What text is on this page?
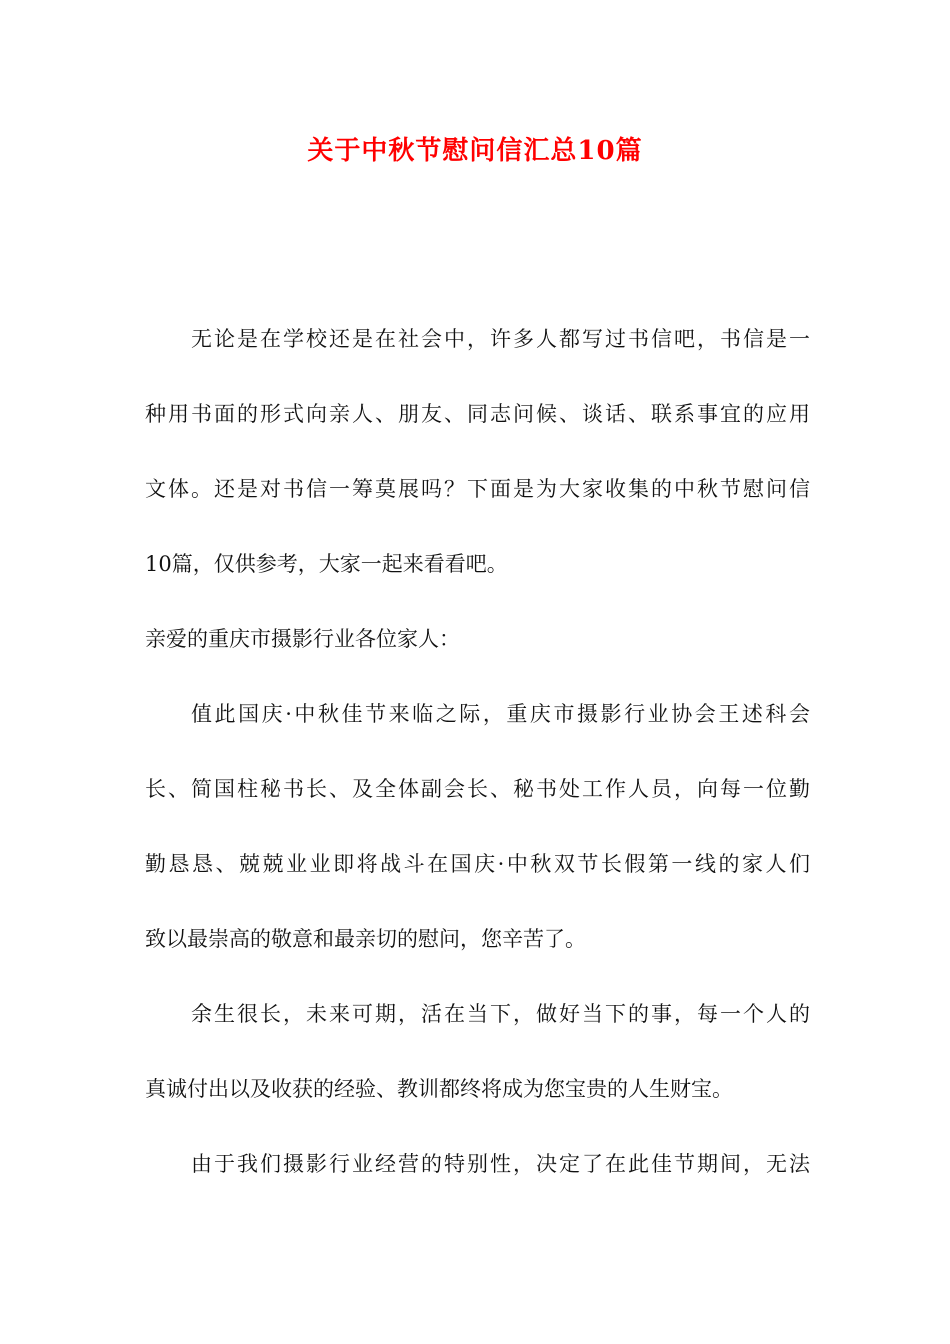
关于中秋节慰问信汇总10篇
无论是在学校还是在社会中，许多人都写过书信吧，书信是一
种用书面的形式向亲人、朋友、同志问候、谈话、联系事宜的应用
文体。还是对书信一筹莫展吗？下面是为大家收集的中秋节慰问信
10篇，仅供参考，大家一起来看看吧。
亲爱的重庆市摄影行业各位家人：
值此国庆·中秋佳节来临之际，重庆市摄影行业协会王述科会
长、简国柱秘书长、及全体副会长、秘书处工作人员，向每一位勤
勤恳恳、兢兢业业即将战斗在国庆·中秋双节长假第一线的家人们
致以最崇高的敬意和最亲切的慰问，您辛苦了。
余生很长，未来可期，活在当下，做好当下的事，每一个人的
真诚付出以及收获的经验、教训都终将成为您宝贵的人生财宝。
由于我们摄影行业经营的特别性，决定了在此佳节期间，无法
